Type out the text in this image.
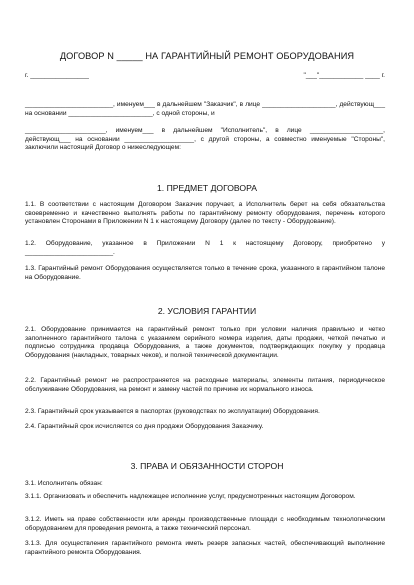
ДОГОВОР N _____ НА ГАРАНТИЙНЫЙ РЕМОНТ ОБОРУДОВАНИЯ
г. ________________	"___"____________ ____ г.
________________________, именуем___ в дальнейшем "Заказчик", в лице ____________________, действующ___ на основании _______________________, с одной стороны, и
______________________, именуем___ в дальнейшем "Исполнитель", в лице ____________________, действующ___ на основании ___________________, с другой стороны, а совместно именуемые "Стороны", заключили настоящий Договор о нижеследующем:
1. ПРЕДМЕТ ДОГОВОРА
1.1. В соответствии с настоящим Договором Заказчик поручает, а Исполнитель берет на себя обязательства своевременно и качественно выполнять работы по гарантийному ремонту оборудования, перечень которого установлен Сторонами в Приложении N 1 к настоящему Договору (далее по тексту - Оборудование).
1.2. Оборудование, указанное в Приложении N 1 к настоящему Договору, приобретено у ________________________.
1.3. Гарантийный ремонт Оборудования осуществляется только в течение срока, указанного в гарантийном талоне на Оборудование.
2. УСЛОВИЯ ГАРАНТИИ
2.1. Оборудование принимается на гарантийный ремонт только при условии наличия правильно и четко заполненного гарантийного талона с указанием серийного номера изделия, даты продажи, четкой печатью и подписью сотрудника продавца Оборудования, а также документов, подтверждающих покупку у продавца Оборудования (накладных, товарных чеков), и полной технической документации.
2.2. Гарантийный ремонт не распространяется на расходные материалы, элементы питания, периодическое обслуживание Оборудования, на ремонт и замену частей по причине их нормального износа.
2.3. Гарантийный срок указывается в паспортах (руководствах по эксплуатации) Оборудования.
2.4. Гарантийный срок исчисляется со дня продажи Оборудования Заказчику.
3. ПРАВА И ОБЯЗАННОСТИ СТОРОН
3.1. Исполнитель обязан:
3.1.1. Организовать и обеспечить надлежащее исполнение услуг, предусмотренных настоящим Договором.
3.1.2. Иметь на праве собственности или аренды производственные площади с необходимым технологическим оборудованием для проведения ремонта, а также технический персонал.
3.1.3. Для осуществления гарантийного ремонта иметь резерв запасных частей, обеспечивающий выполнение гарантийного ремонта Оборудования.
